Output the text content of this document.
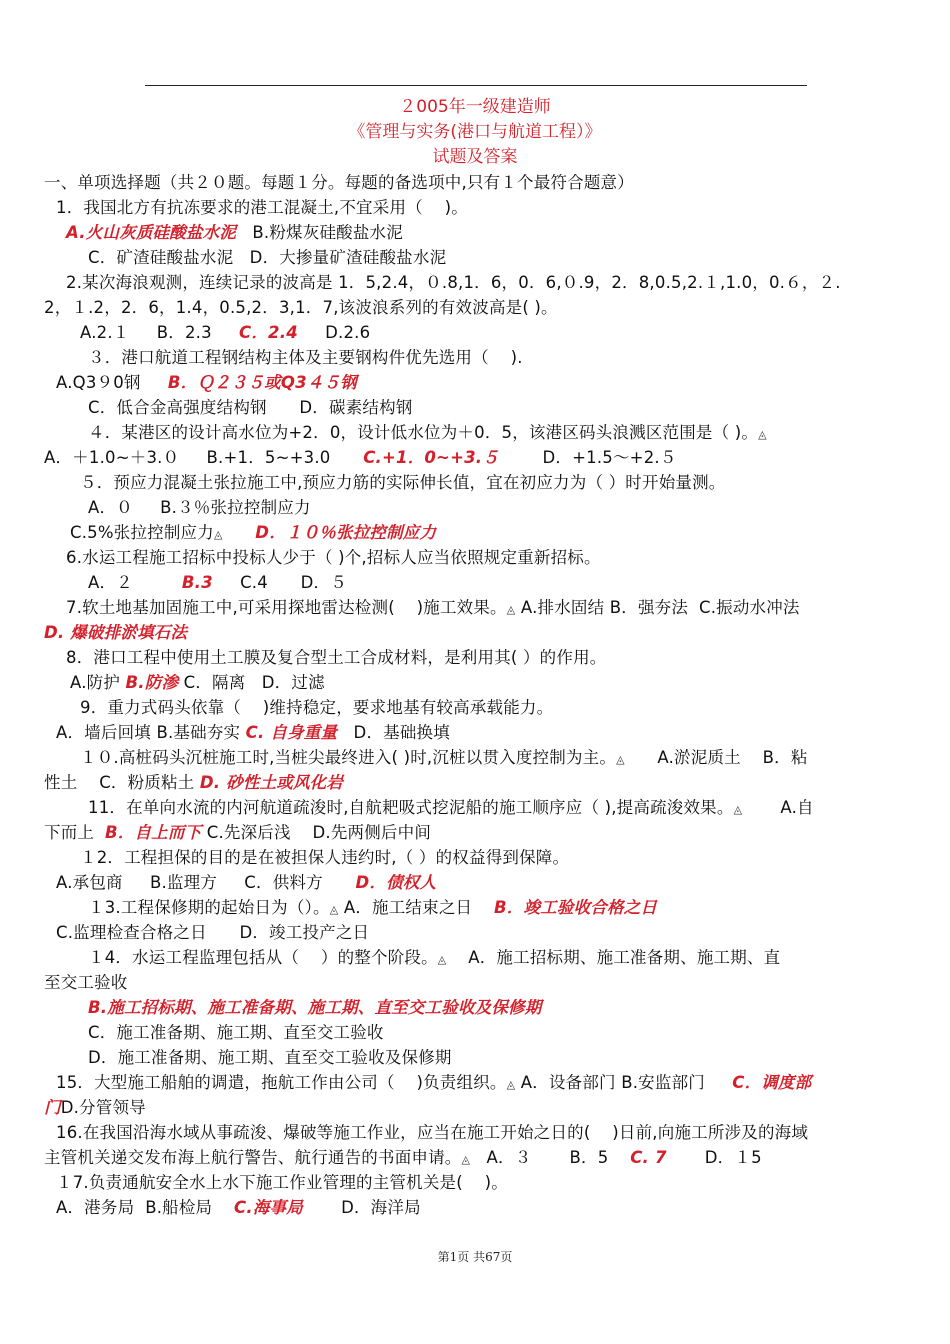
２005年一级建造师
《管理与实务(港口与航道工程）》
试题及答案
一、单项选择题（共２０题。每题１分。每题的备选项中,只有１个最符合题意）
1．我国北方有抗冻要求的港工混凝土,不宜采用（    )。
A.火山灰质硅酸盐水泥 B.粉煤灰硅酸盐水泥
C．矿渣硅酸盐水泥 D．大掺量矿渣硅酸盐水泥
2.某次海浪观测，连续记录的波高是 1．5,2.4，０.8,1．6，0．6,０.9，2．8,0.5,2.１,1.0，0.６，２.
2，１.2，2．6，1.4，0.5,2．3,1．7,该波浪系列的有效波高是( )。
A.2.１ B．2.3 C．2.4 D.2.6
３．港口航道工程钢结构主体及主要钢构件优先选用（    ).
A.Q3９0钢 B．Ｑ２３５或Q3４５钢
C．低合金高强度结构钢 D．碳素结构钢
４．某港区的设计高水位为+2．0，设计低水位为＋0．5，该港区码头浪溅区范围是（ )。◬
A．＋1.0~＋3.０ B.+1．5~+3.0 C.+1．0~+3.５	D．+1.5～+2.５
５．预应力混凝土张拉施工中,预应力筋的实际伸长值，宜在初应力为（ ）时开始量测。
A．０ B.３％张拉控制应力
C.5%张拉控制应力◬ D．１０％张拉控制应力
6.水运工程施工招标中投标人少于（ )个,招标人应当依照规定重新招标。
A．２	B.3 C.4 D．５
7.软土地基加固施工中,可采用探地雷达检测(    )施工效果。◬ A.排水固结 B．强夯法  C.振动水冲法
D. 爆破排淤填石法
8．港口工程中使用土工膜及复合型土工合成材料，是利用其( ）的作用。
A.防护 B.防渗 C．隔离 D．过滤
9．重力式码头依靠（    )维持稳定，要求地基有较高承载能力。
A．墙后回填 B.基础夯实 C. 自身重量 D．基础换填
１０.高桩码头沉桩施工时,当桩尖最终进入( )时,沉桩以贯入度控制为主。◬ A.淤泥质土 B．粘
性土 C．粉质粘土 D. 砂性土或风化岩
11．在单向水流的内河航道疏浚时,自航耙吸式挖泥船的施工顺序应（ ),提高疏浚效果。◬ A.自
下而上 B．自上而下 C.先深后浅 D.先两侧后中间
１2．工程担保的目的是在被担保人违约时,（ ）的权益得到保障。
A.承包商 B.监理方 C．供料方 D．债权人
１3.工程保修期的起始日为（）。◬ A．施工结束之日 B．竣工验收合格之日
C.监理检查合格之日 D．竣工投产之日
１4．水运工程监理包括从（    ）的整个阶段。◬ A．施工招标期、施工准备期、施工期、直
至交工验收
B.施工招标期、施工准备期、施工期、直至交工验收及保修期
C．施工准备期、施工期、直至交工验收
D．施工准备期、施工期、直至交工验收及保修期
15．大型施工船舶的调遣，拖航工作由公司（    )负责组织。◬ A．设备部门 B.安监部门 C．调度部
门D.分管领导
16.在我国沿海水域从事疏浚、爆破等施工作业，应当在施工开始之日的(    )日前,向施工所涉及的海域
主管机关递交发布海上航行警告、航行通告的书面申请。◬ A．３ B．5 C. 7 D．１5
１7.负责通航安全水上水下施工作业管理的主管机关是(    )。
A．港务局 B.船检局 C.海事局 D．海洋局
第1页 共67页
